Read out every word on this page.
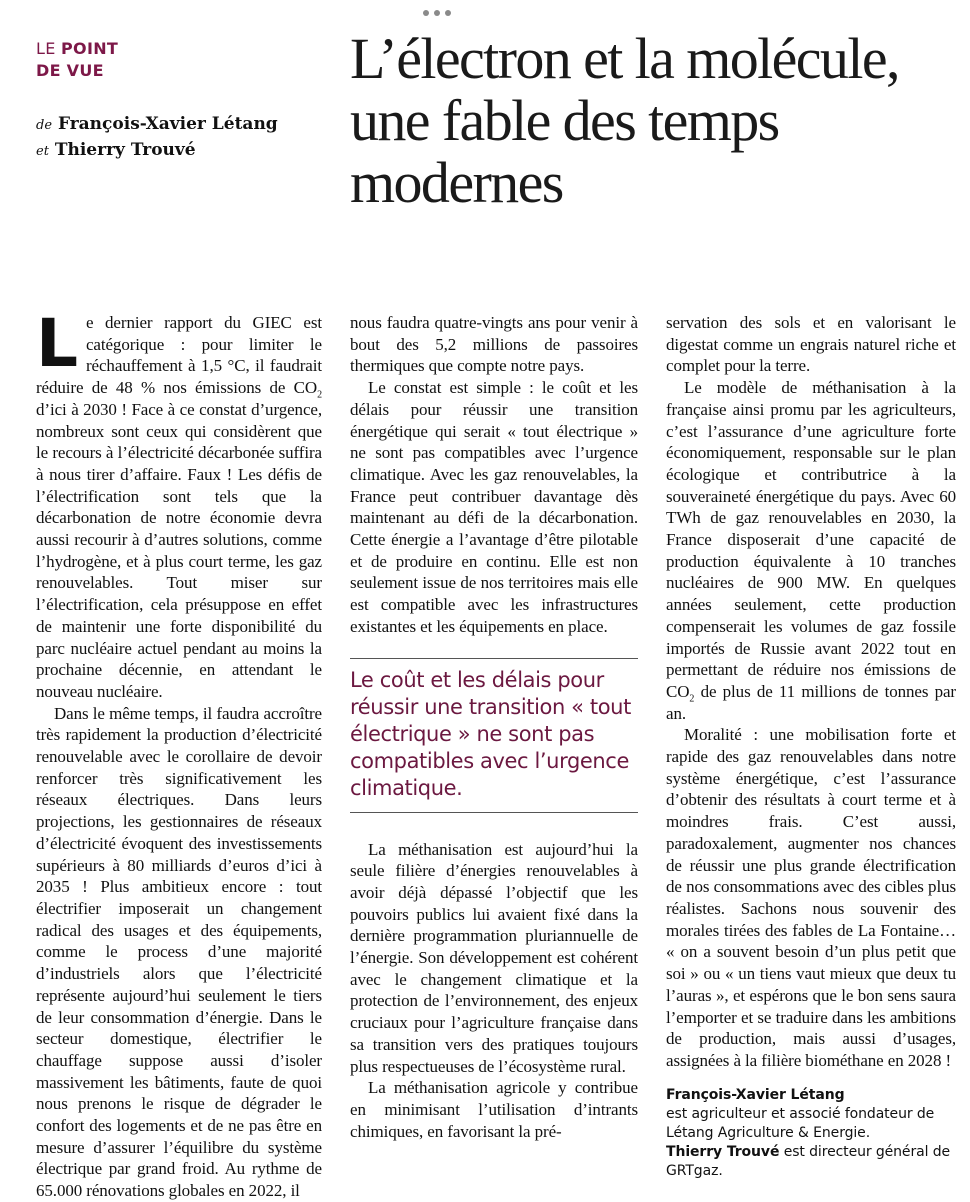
LE POINT
DE VUE
de François-Xavier Létang
et Thierry Trouvé
L’électron et la molécule, une fable des temps modernes

Le dernier rapport du GIEC est catégorique : pour limiter le réchauffement à 1,5 °C, il faudrait réduire de 48 % nos émissions de $CO_2$ d’ici à 2030 ! Face à ce constat d’urgence, nombreux sont ceux qui considèrent que le recours à l’électricité décarbonée suffira à nous tirer d’affaire. Faux ! Les défis de l’électrification sont tels que la décarbonation de notre économie devra aussi recourir à d’autres solutions, comme l’hydrogène, et à plus court terme, les gaz renouvelables. Tout miser sur l’électrification, cela présuppose en effet de maintenir une forte disponibilité du parc nucléaire actuel pendant au moins la prochaine décennie, en attendant le nouveau nucléaire.

Dans le même temps, il faudra accroître très rapidement la production d’électricité renouvelable avec le corollaire de devoir renforcer très significativement les réseaux électriques. Dans leurs projections, les gestionnaires de réseaux d’électricité évoquent des investissements supérieurs à 80 milliards d’euros d’ici à 2035 ! Plus ambitieux encore : tout électrifier imposerait un changement radical des usages et des équipements, comme le process d’une majorité d’industriels alors que l’électricité représente aujourd’hui seulement le tiers de leur consommation d’énergie. Dans le secteur domestique, électrifier le chauffage suppose aussi d’isoler massivement les bâtiments, faute de quoi nous prenons le risque de dégrader le confort des logements et de ne pas être en mesure d’assurer l’équilibre du système électrique par grand froid. Au rythme de 65.000 rénovations globales en 2022, il

nous faudra quatre-vingts ans pour venir à bout des 5,2 millions de passoires thermiques que compte notre pays.

Le constat est simple : le coût et les délais pour réussir une transition énergétique qui serait « tout électrique » ne sont pas compatibles avec l’urgence climatique. Avec les gaz renouvelables, la France peut contribuer davantage dès maintenant au défi de la décarbonation. Cette énergie a l’avantage d’être pilotable et de produire en continu. Elle est non seulement issue de nos territoires mais elle est compatible avec les infrastructures existantes et les équipements en place.

Le coût et les délais pour réussir une transition « tout électrique » ne sont pas compatibles avec l’urgence climatique.

La méthanisation est aujourd’hui la seule filière d’énergies renouvelables à avoir déjà dépassé l’objectif que les pouvoirs publics lui avaient fixé dans la dernière programmation pluriannuelle de l’énergie. Son développement est cohérent avec le changement climatique et la protection de l’environnement, des enjeux cruciaux pour l’agriculture française dans sa transition vers des pratiques toujours plus respectueuses de l’écosystème rural.

La méthanisation agricole y contribue en minimisant l’utilisation d’intrants chimiques, en favorisant la pré-

servation des sols et en valorisant le digestat comme un engrais naturel riche et complet pour la terre.

Le modèle de méthanisation à la française ainsi promu par les agriculteurs, c’est l’assurance d’une agriculture forte économiquement, responsable sur le plan écologique et contributrice à la souveraineté énergétique du pays. Avec 60 TWh de gaz renouvelables en 2030, la France disposerait d’une capacité de production équivalente à 10 tranches nucléaires de 900 MW. En quelques années seulement, cette production compenserait les volumes de gaz fossile importés de Russie avant 2022 tout en permettant de réduire nos émissions de $CO_2$ de plus de 11 millions de tonnes par an.

Moralité : une mobilisation forte et rapide des gaz renouvelables dans notre système énergétique, c’est l’assurance d’obtenir des résultats à court terme et à moindres frais. C’est aussi, paradoxalement, augmenter nos chances de réussir une plus grande électrification de nos consommations avec des cibles plus réalistes. Sachons nous souvenir des morales tirées des fables de La Fontaine… « on a souvent besoin d’un plus petit que soi » ou « un tiens vaut mieux que deux tu l’auras », et espérons que le bon sens saura l’emporter et se traduire dans les ambitions de production, mais aussi d’usages, assignées à la filière biométhane en 2028 !

François-Xavier Létang
est agriculteur et associé fondateur de Létang Agriculture & Energie.
Thierry Trouvé est directeur général de GRTgaz.
